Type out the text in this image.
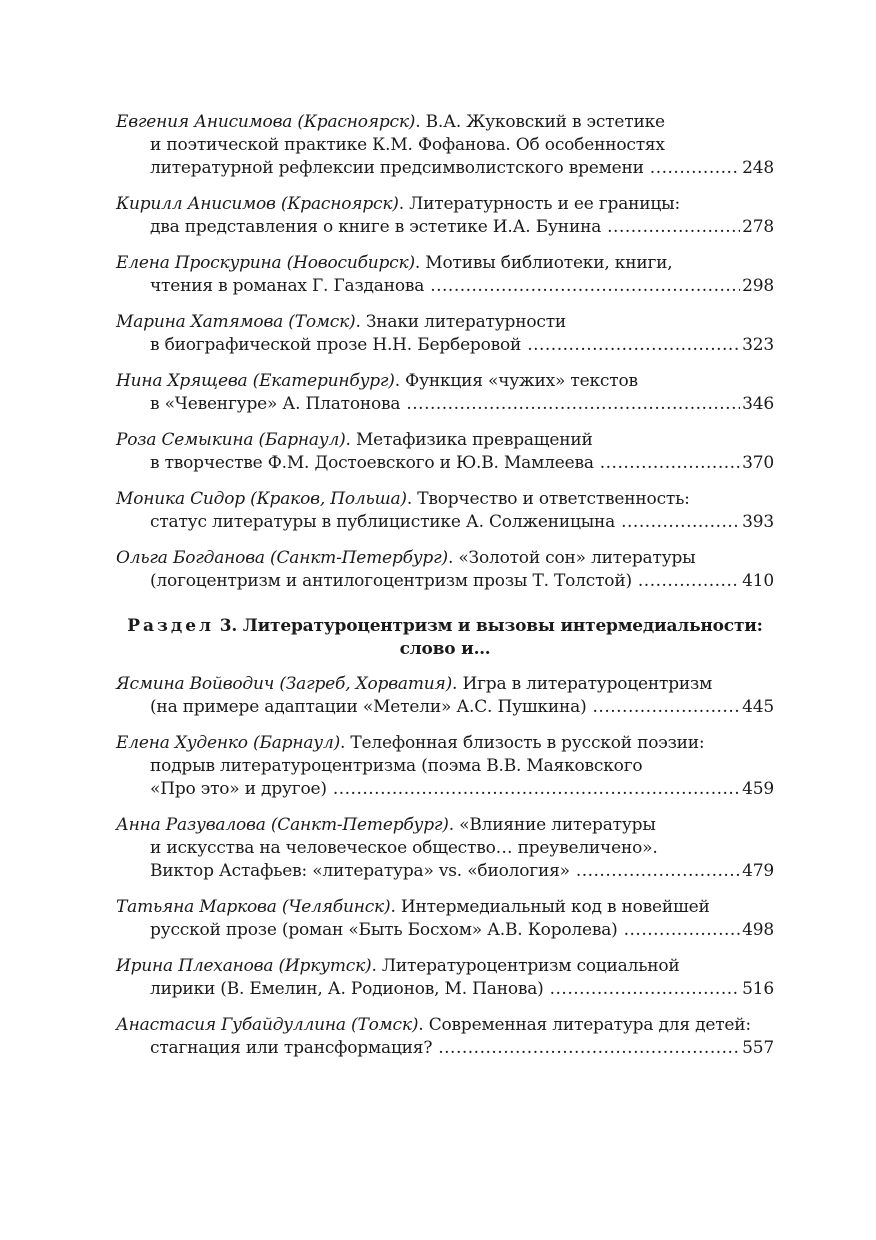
Евгения Анисимова (Красноярск). В.А. Жуковский в эстетике
и поэтической практике К.М. Фофанова. Об особенностях
литературной рефлексии предсимволистского времени .....	248
Кирилл Анисимов (Красноярск). Литературность и ее границы:
два представления о книге в эстетике И.А. Бунина .....	278
Елена Проскурина (Новосибирск). Мотивы библиотеки, книги,
чтения в романах Г. Газданова .....	298
Марина Хатямова (Томск). Знаки литературности
в биографической прозе Н.Н. Берберовой .....	323
Нина Хрящева (Екатеринбург). Функция «чужих» текстов
в «Чевенгуре» А. Платонова .....	346
Роза Семыкина (Барнаул). Метафизика превращений
в творчестве Ф.М. Достоевского и Ю.В. Мамлеева .....	370
Моника Сидор (Краков, Польша). Творчество и ответственность:
статус литературы в публицистике А. Солженицына .....	393
Ольга Богданова (Санкт-Петербург). «Золотой сон» литературы
(логоцентризм и антилогоцентризм прозы Т. Толстой) .....	410
Раздел 3. Литературоцентризм и вызовы интермедиальности:
слово и…
Ясмина Войводич (Загреб, Хорватия). Игра в литературоцентризм
(на примере адаптации «Метели» А.С. Пушкина) .....	445
Елена Худенко (Барнаул). Телефонная близость в русской поэзии:
подрыв литературоцентризма (поэма В.В. Маяковского
«Про это» и другое) .....	459
Анна Разувалова (Санкт-Петербург). «Влияние литературы
и искусства на человеческое общество… преувеличено».
Виктор Астафьев: «литература» vs. «биология» .....	479
Татьяна Маркова (Челябинск). Интермедиальный код в новейшей
русской прозе (роман «Быть Босхом» А.В. Королева) .....	498
Ирина Плеханова (Иркутск). Литературоцентризм социальной
лирики (В. Емелин, А. Родионов, М. Панова) .....	516
Анастасия Губайдуллина (Томск). Современная литература для детей:
стагнация или трансформация? .....	557
